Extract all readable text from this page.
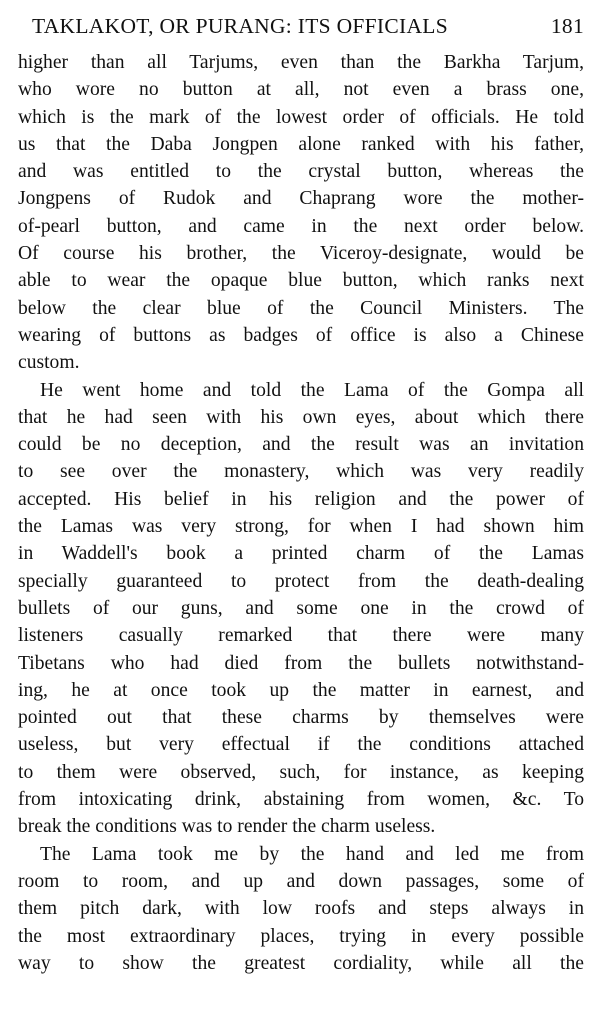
TAKLAKOT, OR PURANG: ITS OFFICIALS	181

higher than all Tarjums, even than the Barkha Tarjum,
who wore no button at all, not even a brass one,
which is the mark of the lowest order of officials. He told
us that the Daba Jongpen alone ranked with his father,
and was entitled to the crystal button, whereas the
Jongpens of Rudok and Chaprang wore the mother-
of-pearl button, and came in the next order below.
Of course his brother, the Viceroy-designate, would be
able to wear the opaque blue button, which ranks next
below the clear blue of the Council Ministers. The
wearing of buttons as badges of office is also a Chinese
custom.

He went home and told the Lama of the Gompa all
that he had seen with his own eyes, about which there
could be no deception, and the result was an invitation
to see over the monastery, which was very readily
accepted. His belief in his religion and the power of
the Lamas was very strong, for when I had shown him
in Waddell's book a printed charm of the Lamas
specially guaranteed to protect from the death-dealing
bullets of our guns, and some one in the crowd of
listeners casually remarked that there were many
Tibetans who had died from the bullets notwithstand-
ing, he at once took up the matter in earnest, and
pointed out that these charms by themselves were
useless, but very effectual if the conditions attached
to them were observed, such, for instance, as keeping
from intoxicating drink, abstaining from women, &c. To
break the conditions was to render the charm useless.

The Lama took me by the hand and led me from
room to room, and up and down passages, some of
them pitch dark, with low roofs and steps always in
the most extraordinary places, trying in every possible
way to show the greatest cordiality, while all the
